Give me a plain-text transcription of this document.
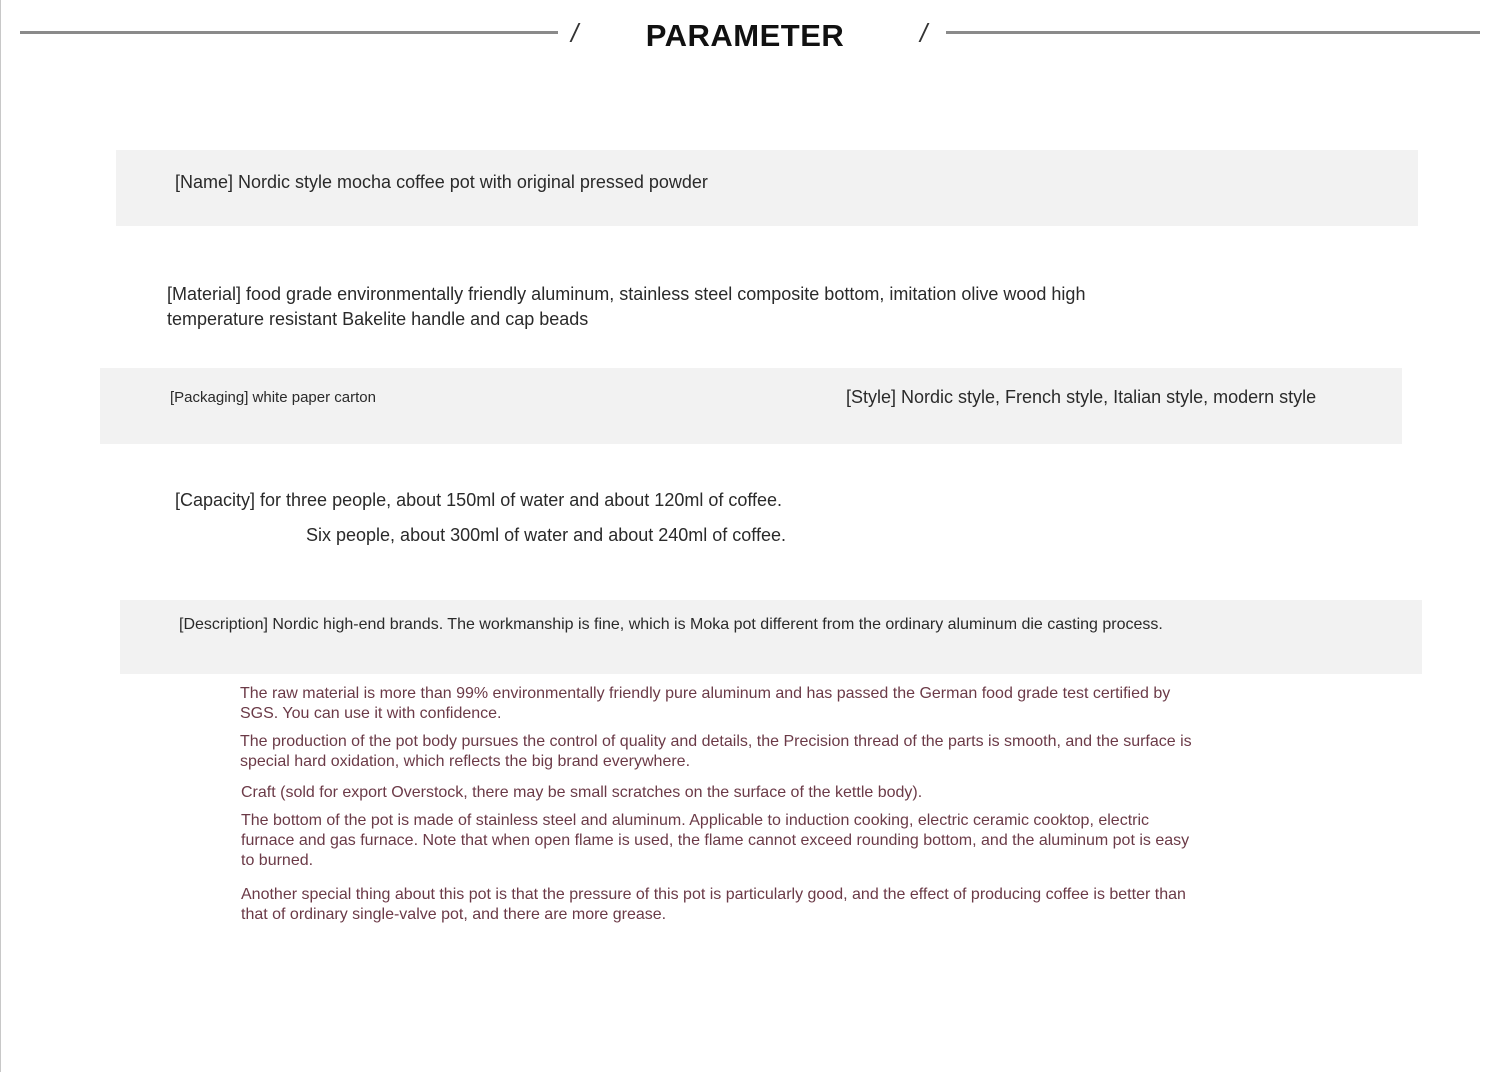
/	PARAMETER	/
[Name] Nordic style mocha coffee pot with original pressed powder
[Material] food grade environmentally friendly aluminum, stainless steel composite bottom, imitation olive wood high temperature resistant Bakelite handle and cap beads
[Packaging] white paper carton	[Style] Nordic style, French style, Italian style, modern style
[Capacity] for three people, about 150ml of water and about 120ml of coffee.
Six people, about 300ml of water and about 240ml of coffee.
[Description] Nordic high-end brands. The workmanship is fine, which is Moka pot different from the ordinary aluminum die casting process.
The raw material is more than 99% environmentally friendly pure aluminum and has passed the German food grade test certified by SGS. You can use it with confidence.
The production of the pot body pursues the control of quality and details, the Precision thread of the parts is smooth, and the surface is special hard oxidation, which reflects the big brand everywhere.
Craft (sold for export Overstock, there may be small scratches on the surface of the kettle body).
The bottom of the pot is made of stainless steel and aluminum. Applicable to induction cooking, electric ceramic cooktop, electric furnace and gas furnace. Note that when open flame is used, the flame cannot exceed rounding bottom, and the aluminum pot is easy to burned.
Another special thing about this pot is that the pressure of this pot is particularly good, and the effect of producing coffee is better than that of ordinary single-valve pot, and there are more grease.
